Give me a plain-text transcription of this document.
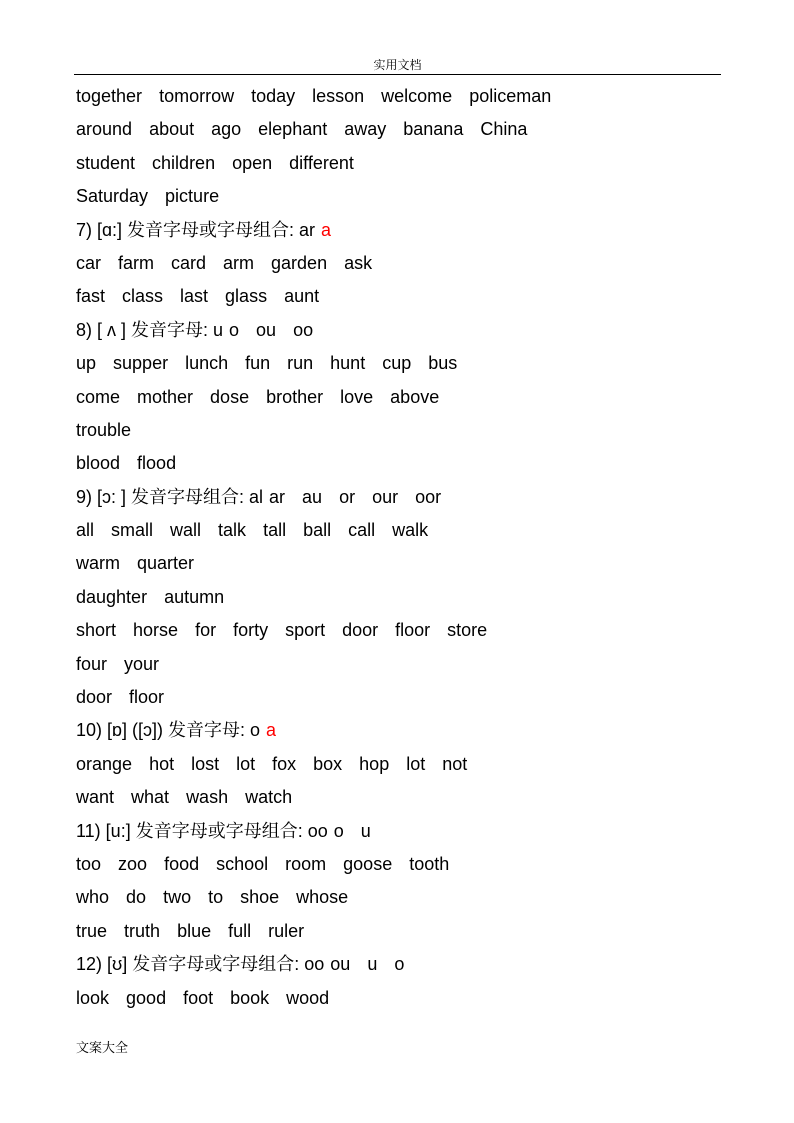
实用文档
together tomorrow today lesson welcome policeman
around about ago elephant away banana China
student children open different
Saturday picture
7) [ɑ:] 发音字母或字母组合: ar a
car farm card arm garden ask
fast class last glass aunt
8) [ ʌ ] 发音字母: u o ou oo
up supper lunch fun run hunt cup bus
come mother dose brother love above
trouble
blood flood
9) [ɔ: ] 发音字母组合: al ar au or our oor
all small wall talk tall ball call walk
warm quarter
daughter autumn
short horse for forty sport door floor store
four your
door floor
10) [ɒ] ([ɔ]) 发音字母: o a
orange hot lost lot fox box hop lot not
want what wash watch
11) [u:] 发音字母或字母组合: oo o u
too zoo food school room goose tooth
who do two to shoe whose
true truth blue full ruler
12) [ʊ] 发音字母或字母组合: oo ou u o
look good foot book wood
文案大全
